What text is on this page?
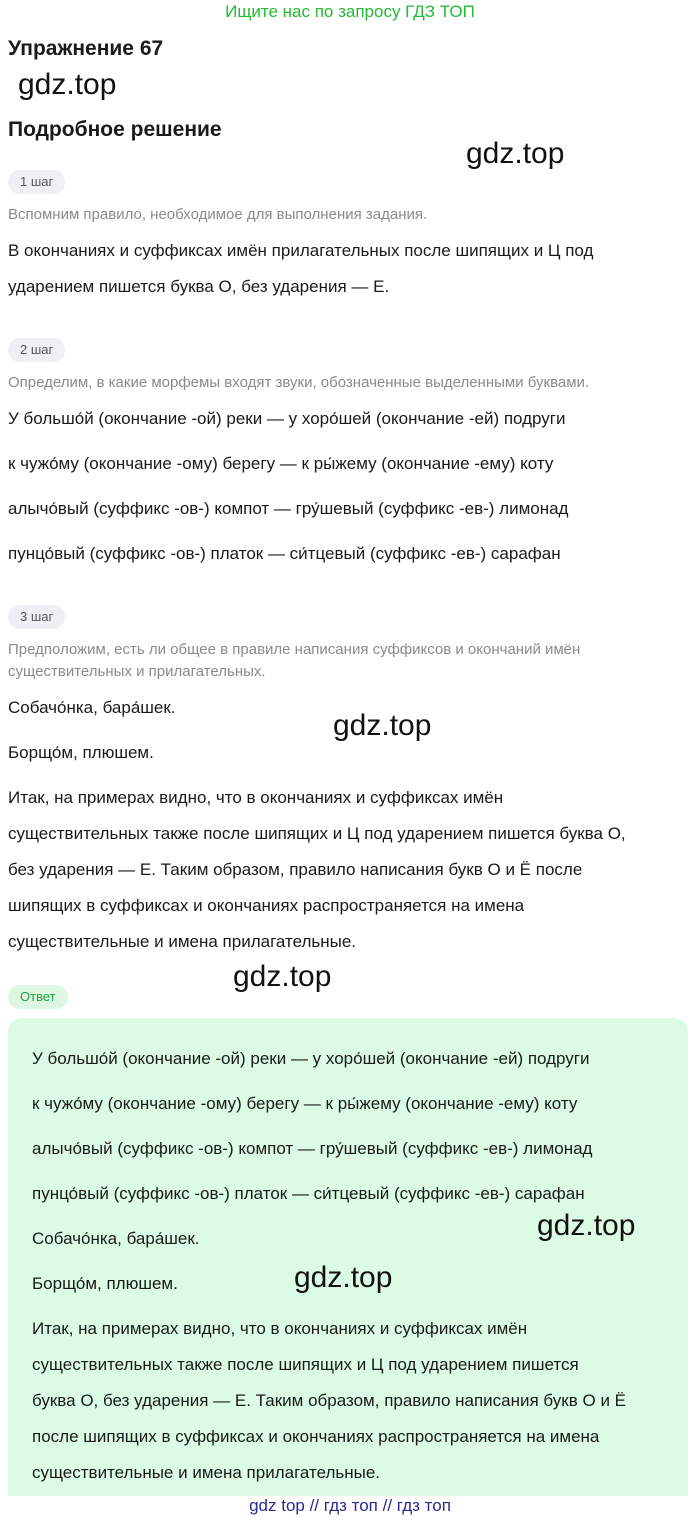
Ищите нас по запросу ГДЗ ТОП
Упражнение 67
gdz.top
Подробное решение
gdz.top
1 шаг
Вспомним правило, необходимое для выполнения задания.
В окончаниях и суффиксах имён прилагательных после шипящих и Ц под
ударением пишется буква О, без ударения — Е.
2 шаг
Определим, в какие морфемы входят звуки, обозначенные выделенными буквами.
У большо́й (окончание -ой) реки — у хоро́шей (окончание -ей) подруги
к чужо́му (окончание -ому) берегу — к ры́жему (окончание -ему) коту
алычо́вый (суффикс -ов-) компот — гру́шевый (суффикс -ев-) лимонад
пунцо́вый (суффикс -ов-) платок — си́тцевый (суффикс -ев-) сарафан
3 шаг
Предположим, есть ли общее в правиле написания суффиксов и окончаний имён существительных и прилагательных.
Собачо́нка, бара́шек.
gdz.top
Борщо́м, плюшем.
Итак, на примерах видно, что в окончаниях и суффиксах имён
существительных также после шипящих и Ц под ударением пишется буква О,
без ударения — Е. Таким образом, правило написания букв О и Ё после
шипящих в суффиксах и окончаниях распространяется на имена
существительные и имена прилагательные.
gdz.top
Ответ
У большо́й (окончание -ой) реки — у хоро́шей (окончание -ей) подруги
к чужо́му (окончание -ому) берегу — к ры́жему (окончание -ему) коту
алычо́вый (суффикс -ов-) компот — гру́шевый (суффикс -ев-) лимонад
пунцо́вый (суффикс -ов-) платок — си́тцевый (суффикс -ев-) сарафан
gdz.top
Собачо́нка, бара́шек.
gdz.top
Борщо́м, плюшем.
Итак, на примерах видно, что в окончаниях и суффиксах имён
существительных также после шипящих и Ц под ударением пишется
буква О, без ударения — Е. Таким образом, правило написания букв О и Ё
после шипящих в суффиксах и окончаниях распространяется на имена
существительные и имена прилагательные.
gdz top // гдз топ // гдз топ
